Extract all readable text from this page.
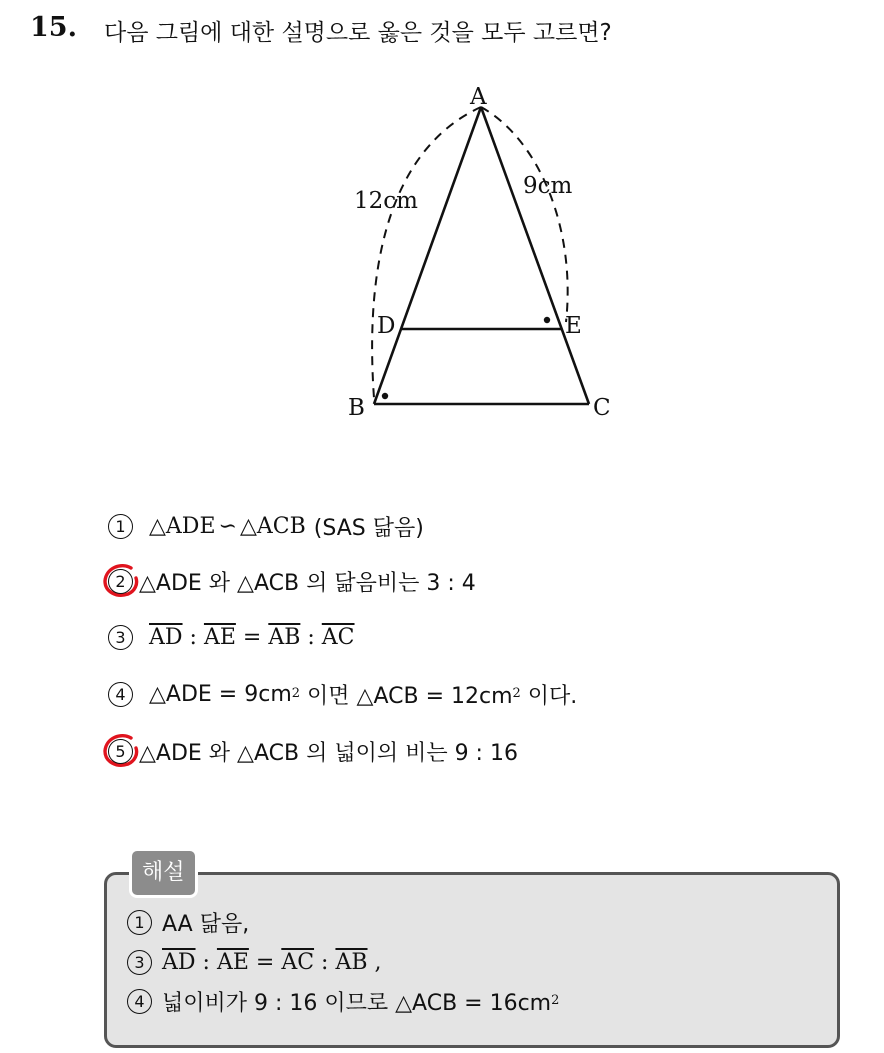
15. 다음 그림에 대한 설명으로 옳은 것을 모두 고르면?
A
B	C
D	E
12cm
9cm
1	△ADE ∽ △ACB (SAS 닮음)
2 △ADE 와 △ACB 의 닮음비는 3 : 4
3	$\overline{AD}$ : $\overline{AE} = \overline{AB}$ : $\overline{AC}$
4	△ADE = 9cm 2 이면 △ACB = 12cm 2 이다.
5 △ADE 와 △ACB 의 넓이의 비는 9 : 16
해설
1 AA 닮음,
3 $\overline{AD}$ : $\overline{AE} = \overline{AC}$ : $\overline{AB}$ ,
4 넓이비가 9 : 16 이므로 △ACB = 16cm 2
